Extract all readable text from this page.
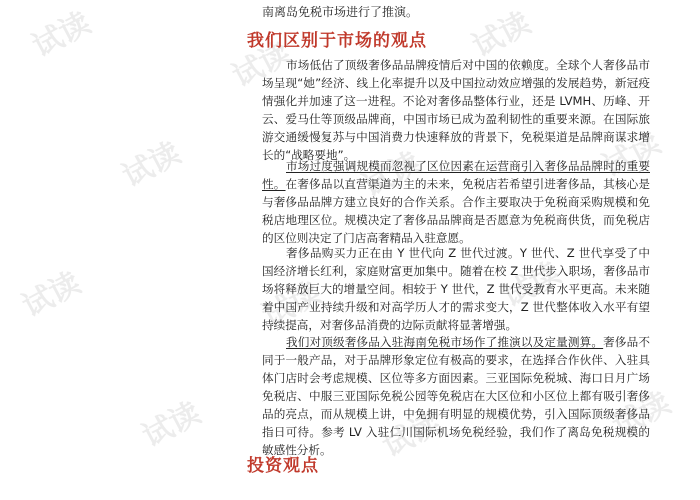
试读
试读
试读
试读	试读	试读
试读	试读	试读
试读	试读	试读
南离岛免税市场进行了推演。
我们区别于市场的观点

市场低估了顶级奢侈品品牌疫情后对中国的依赖度。全球个人奢侈品市场呈现“她”经济、线上化率提升以及中国拉动效应增强的发展趋势，新冠疫情强化并加速了这一进程。不论对奢侈品整体行业，还是 LVMH、历峰、开云、爱马仕等顶级品牌商，中国市场已成为盈利韧性的重要来源。在国际旅游交通缓慢复苏与中国消费力快速释放的背景下，免税渠道是品牌商谋求增长的“战略要地”。

市场过度强调规模而忽视了区位因素在运营商引入奢侈品品牌时的重要性。在奢侈品以直营渠道为主的未来，免税店若希望引进奢侈品，其核心是与奢侈品品牌方建立良好的合作关系。合作主要取决于免税商采购规模和免税店地理区位。规模决定了奢侈品品牌商是否愿意为免税商供货，而免税店的区位则决定了门店高奢精品入驻意愿。

奢侈品购买力正在由 Y 世代向 Z 世代过渡。Y 世代、Z 世代享受了中国经济增长红利，家庭财富更加集中。随着在校 Z 世代步入职场，奢侈品市场将释放巨大的增量空间。相较于 Y 世代，Z 世代受教育水平更高。未来随着中国产业持续升级和对高学历人才的需求变大，Z 世代整体收入水平有望持续提高，对奢侈品消费的边际贡献将显著增强。

我们对顶级奢侈品入驻海南免税市场作了推演以及定量测算。奢侈品不同于一般产品，对于品牌形象定位有极高的要求，在选择合作伙伴、入驻具体门店时会考虑规模、区位等多方面因素。三亚国际免税城、海口日月广场免税店、中服三亚国际免税公园等免税店在大区位和小区位上都有吸引奢侈品的亮点，而从规模上讲，中免拥有明显的规模优势，引入国际顶级奢侈品指日可待。参考 LV 入驻仁川国际机场免税经验，我们作了离岛免税规模的敏感性分析。

投资观点
